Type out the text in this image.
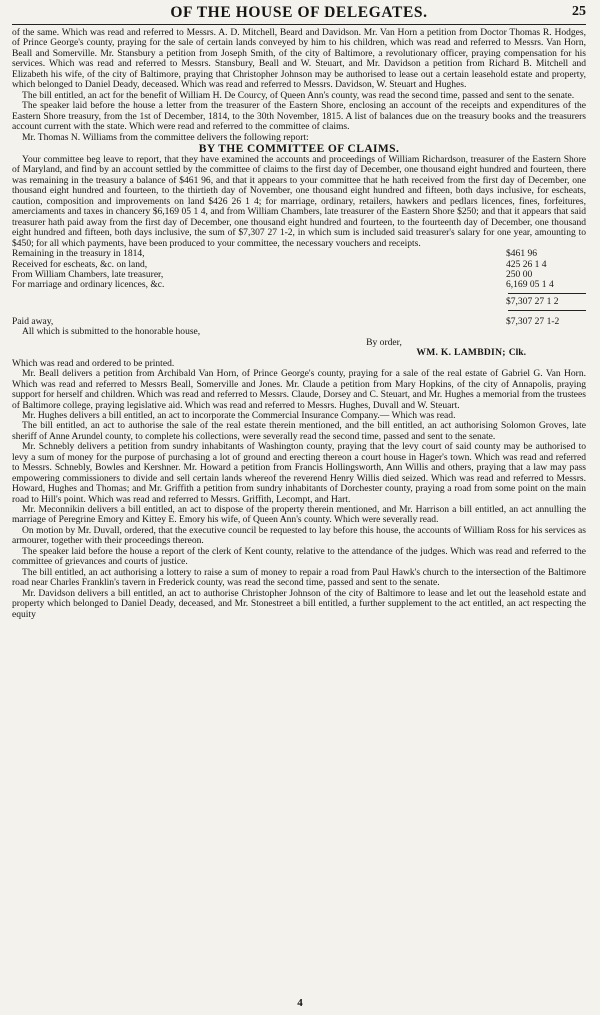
OF THE HOUSE OF DELEGATES.	25

of the same. Which was read and referred to Messrs. A. D. Mitchell, Beard and Davidson. Mr. Van Horn a petition from Doctor Thomas R. Hodges, of Prince George's county, praying for the sale of certain lands conveyed by him to his children, which was read and referred to Messrs. Van Horn, Beall and Somerville. Mr. Stansbury a petition from Joseph Smith, of the city of Baltimore, a revolutionary officer, praying compensation for his services. Which was read and referred to Messrs. Stansbury, Beall and W. Steuart, and Mr. Davidson a petition from Richard B. Mitchell and Elizabeth his wife, of the city of Baltimore, praying that Christopher Johnson may be authorised to lease out a certain leasehold estate and property, which belonged to Daniel Deady, deceased. Which was read and referred to Messrs. Davidson, W. Steuart and Hughes.

The bill entitled, an act for the benefit of William H. De Courcy, of Queen Ann's county, was read the second time, passed and sent to the senate.

The speaker laid before the house a letter from the treasurer of the Eastern Shore, enclosing an account of the receipts and expenditures of the Eastern Shore treasury, from the 1st of December, 1814, to the 30th November, 1815. A list of balances due on the treasury books and the treasurers account current with the state. Which were read and referred to the committee of claims.

Mr. Thomas N. Williams from the committee delivers the following report:

BY THE COMMITTEE OF CLAIMS.

Your committee beg leave to report, that they have examined the accounts and proceedings of William Richardson, treasurer of the Eastern Shore of Maryland, and find by an account settled by the committee of claims to the first day of December, one thousand eight hundred and fourteen, there was remaining in the treasury a balance of $461 96, and that it appears to your committee that he hath received from the first day of December, one thousand eight hundred and fourteen, to the thirtieth day of November, one thousand eight hundred and fifteen, both days inclusive, for escheats, caution, composition and improvements on land $426 26 1 4; for marriage, ordinary, retailers, hawkers and pedlars licences, fines, forfeitures, amerciaments and taxes in chancery $6,169 05 1 4, and from William Chambers, late treasurer of the Eastern Shore $250; and that it appears that said treasurer hath paid away from the first day of December, one thousand eight hundred and fourteen, to the fourteenth day of December, one thousand eight hundred and fifteen, both days inclusive, the sum of $7,307 27 1-2, in which sum is included said treasurer's salary for one year, amounting to $450; for all which payments, have been produced to your committee, the necessary vouchers and receipts.

Remaining in the treasury in 1814,	$461 96
Received for escheats, &c. on land,	425 26 1 4
From William Chambers, late treasurer,	250 00
For marriage and ordinary licences, &c.	6,169 05 1 4
$7,307 27 1 2
Paid away,	$7,307 27 1-2

All which is submitted to the honorable house,

By order,
WM. K. LAMBDIN; Clk.

Which was read and ordered to be printed.

Mr. Beall delivers a petition from Archibald Van Horn, of Prince George's county, praying for a sale of the real estate of Gabriel G. Van Horn. Which was read and referred to Messrs Beall, Somerville and Jones. Mr. Claude a petition from Mary Hopkins, of the city of Annapolis, praying support for herself and children. Which was read and referred to Messrs. Claude, Dorsey and C. Steuart, and Mr. Hughes a memorial from the trustees of Baltimore college, praying legislative aid. Which was read and referred to Messrs. Hughes, Duvall and W. Steuart.

Mr. Hughes delivers a bill entitled, an act to incorporate the Commercial Insurance Company.— Which was read.

The bill entitled, an act to authorise the sale of the real estate therein mentioned, and the bill entitled, an act authorising Solomon Groves, late sheriff of Anne Arundel county, to complete his collections, were severally read the second time, passed and sent to the senate.

Mr. Schnebly delivers a petition from sundry inhabitants of Washington county, praying that the levy court of said county may be authorised to levy a sum of money for the purpose of purchasing a lot of ground and erecting thereon a court house in Hager's town. Which was read and referred to Messrs. Schnebly, Bowles and Kershner. Mr. Howard a petition from Francis Hollingsworth, Ann Willis and others, praying that a law may pass empowering commissioners to divide and sell certain lands whereof the reverend Henry Willis died seized. Which was read and referred to Messrs. Howard, Hughes and Thomas; and Mr. Griffith a petition from sundry inhabitants of Dorchester county, praying a road from some point on the main road to Hill's point. Which was read and referred to Messrs. Griffith, Lecompt, and Hart.

Mr. Meconnikin delivers a bill entitled, an act to dispose of the property therein mentioned, and Mr. Harrison a bill entitled, an act annulling the marriage of Peregrine Emory and Kittey E. Emory his wife, of Queen Ann's county. Which were severally read.

On motion by Mr. Duvall, ordered, that the executive council be requested to lay before this house, the accounts of William Ross for his services as armourer, together with their proceedings thereon.

The speaker laid before the house a report of the clerk of Kent county, relative to the attendance of the judges. Which was read and referred to the committee of grievances and courts of justice.

The bill entitled, an act authorising a lottery to raise a sum of money to repair a road from Paul Hawk's church to the intersection of the Baltimore road near Charles Franklin's tavern in Frederick county, was read the second time, passed and sent to the senate.

Mr. Davidson delivers a bill entitled, an act to authorise Christopher Johnson of the city of Baltimore to lease and let out the leasehold estate and property which belonged to Daniel Deady, deceased, and Mr. Stonestreet a bill entitled, a further supplement to the act entitled, an act respecting the equity

4
